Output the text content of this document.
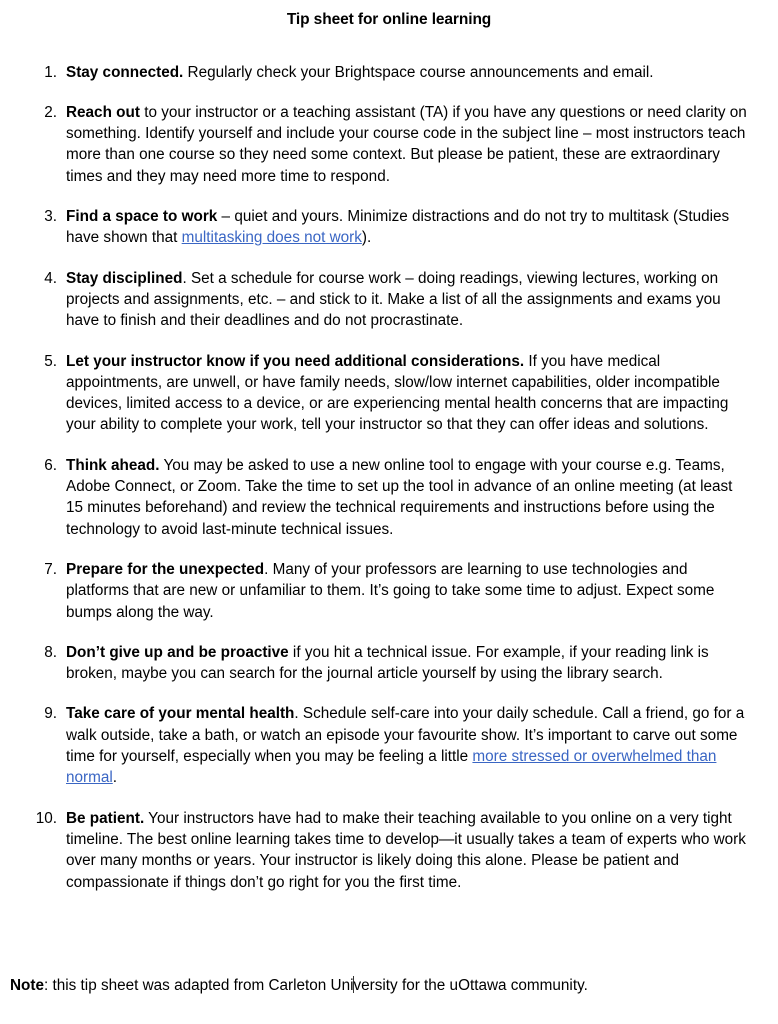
Tip sheet for online learning
1. Stay connected. Regularly check your Brightspace course announcements and email.
2. Reach out to your instructor or a teaching assistant (TA) if you have any questions or need clarity on something. Identify yourself and include your course code in the subject line – most instructors teach more than one course so they need some context. But please be patient, these are extraordinary times and they may need more time to respond.
3. Find a space to work – quiet and yours. Minimize distractions and do not try to multitask (Studies have shown that multitasking does not work).
4. Stay disciplined. Set a schedule for course work – doing readings, viewing lectures, working on projects and assignments, etc. – and stick to it. Make a list of all the assignments and exams you have to finish and their deadlines and do not procrastinate.
5. Let your instructor know if you need additional considerations. If you have medical appointments, are unwell, or have family needs, slow/low internet capabilities, older incompatible devices, limited access to a device, or are experiencing mental health concerns that are impacting your ability to complete your work, tell your instructor so that they can offer ideas and solutions.
6. Think ahead. You may be asked to use a new online tool to engage with your course e.g. Teams, Adobe Connect, or Zoom. Take the time to set up the tool in advance of an online meeting (at least 15 minutes beforehand) and review the technical requirements and instructions before using the technology to avoid last-minute technical issues.
7. Prepare for the unexpected. Many of your professors are learning to use technologies and platforms that are new or unfamiliar to them. It’s going to take some time to adjust. Expect some bumps along the way.
8. Don’t give up and be proactive if you hit a technical issue. For example, if your reading link is broken, maybe you can search for the journal article yourself by using the library search.
9. Take care of your mental health. Schedule self-care into your daily schedule. Call a friend, go for a walk outside, take a bath, or watch an episode your favourite show. It’s important to carve out some time for yourself, especially when you may be feeling a little more stressed or overwhelmed than normal.
10. Be patient. Your instructors have had to make their teaching available to you online on a very tight timeline. The best online learning takes time to develop—it usually takes a team of experts who work over many months or years. Your instructor is likely doing this alone. Please be patient and compassionate if things don’t go right for you the first time.

Note: this tip sheet was adapted from Carleton University for the uOttawa community.
